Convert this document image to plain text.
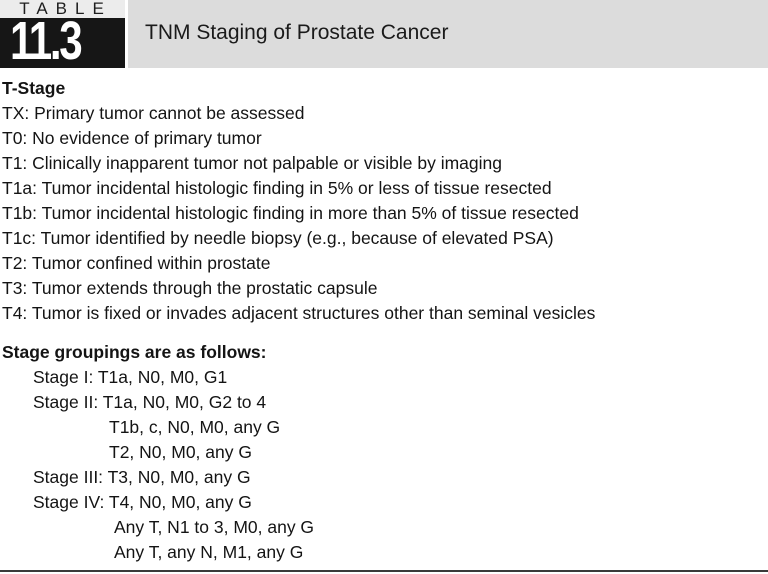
TABLE
11.3	TNM Staging of Prostate Cancer
T-Stage
TX: Primary tumor cannot be assessed
T0: No evidence of primary tumor
T1: Clinically inapparent tumor not palpable or visible by imaging
T1a: Tumor incidental histologic finding in 5% or less of tissue resected
T1b: Tumor incidental histologic finding in more than 5% of tissue resected
T1c: Tumor identified by needle biopsy (e.g., because of elevated PSA)
T2: Tumor confined within prostate
T3: Tumor extends through the prostatic capsule
T4: Tumor is fixed or invades adjacent structures other than seminal vesicles
Stage groupings are as follows:
Stage I: T1a, N0, M0, G1
Stage II: T1a, N0, M0, G2 to 4
T1b, c, N0, M0, any G
T2, N0, M0, any G
Stage III: T3, N0, M0, any G
Stage IV: T4, N0, M0, any G
Any T, N1 to 3, M0, any G
Any T, any N, M1, any G
